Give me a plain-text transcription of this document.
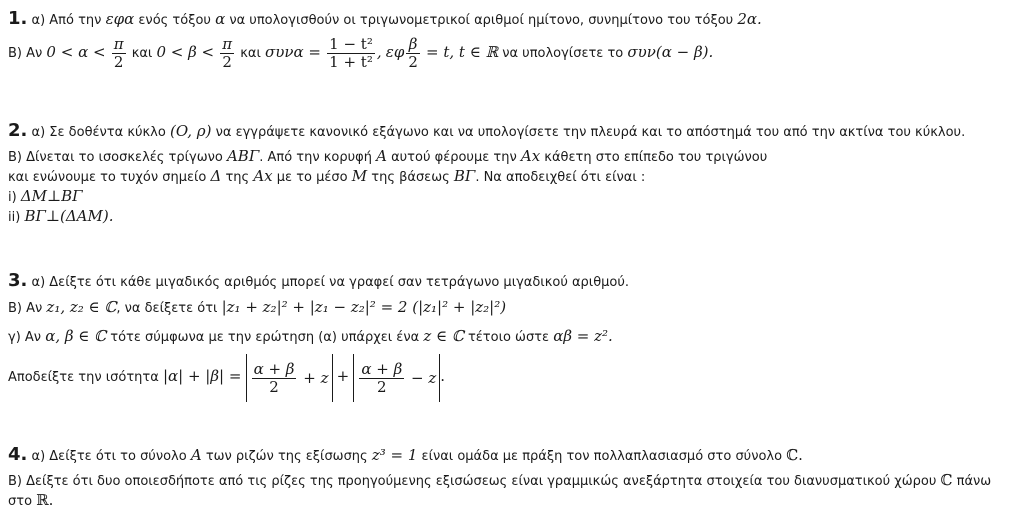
1. α) Από την εφα ενός τόξου α να υπολογισθούν οι τριγωνομετρικοί αριθμοί ημίτονο, συνημίτονο του τόξου 2α.
Β) Αν $0 < \alpha < \frac{\pi}{2}$ και $0 < \beta < \frac{\pi}{2}$ και $\sigma\upsilon\nu\alpha = \frac{\text{1 − t²}}{\text{1 + t²}}$ , εφ $\frac{\beta}{2} = t$, t ∈ ℝ να υπολογίσετε το συν(α − β).
2. α) Σε δοθέντα κύκλο (O, ρ) να εγγράψετε κανονικό εξάγωνο και να υπολογίσετε την πλευρά και το απόστημά του από την ακτίνα του κύκλου.
Β) Δίνεται το ισοσκελές τρίγωνο ΑΒΓ. Από την κορυφή Α αυτού φέρουμε την Αx κάθετη στο επίπεδο του τριγώνου
και ενώνουμε το τυχόν σημείο Δ της Αx με το μέσο Μ της βάσεως ΒΓ. Να αποδειχθεί ότι είναι :
i) ΔΜ⊥ΒΓ
ii) ΒΓ⊥(ΔΑΜ).
3. α) Δείξτε ότι κάθε μιγαδικός αριθμός μπορεί να γραφεί σαν τετράγωνο μιγαδικού αριθμού.
Β) Αν z₁, z₂ ∈ ℂ, να δείξετε ότι |z₁ + z₂|² + |z₁ − z₂|² = 2 (|z₁|² + |z₂|²)
γ) Αν α, β ∈ ℂ τότε σύμφωνα με την ερώτηση (α) υπάρχει ένα z ∈ ℂ τέτοιο ώστε αβ = z².
Αποδείξτε την ισότητα $|\alpha| + |\beta| = \frac{\alpha + \beta}{2} + z + \frac{\alpha + \beta}{2} - z$ .
4. α) Δείξτε ότι το σύνολο Α των ριζών της εξίσωσης z³ = 1 είναι ομάδα με πράξη τον πολλαπλασιασμό στο σύνολο ℂ.
Β) Δείξτε ότι δυο οποιεσδήποτε από τις ρίζες της προηγούμενης εξισώσεως είναι γραμμικώς ανεξάρτητα στοιχεία του διανυσματικού χώρου ℂ πάνω
στο ℝ.
